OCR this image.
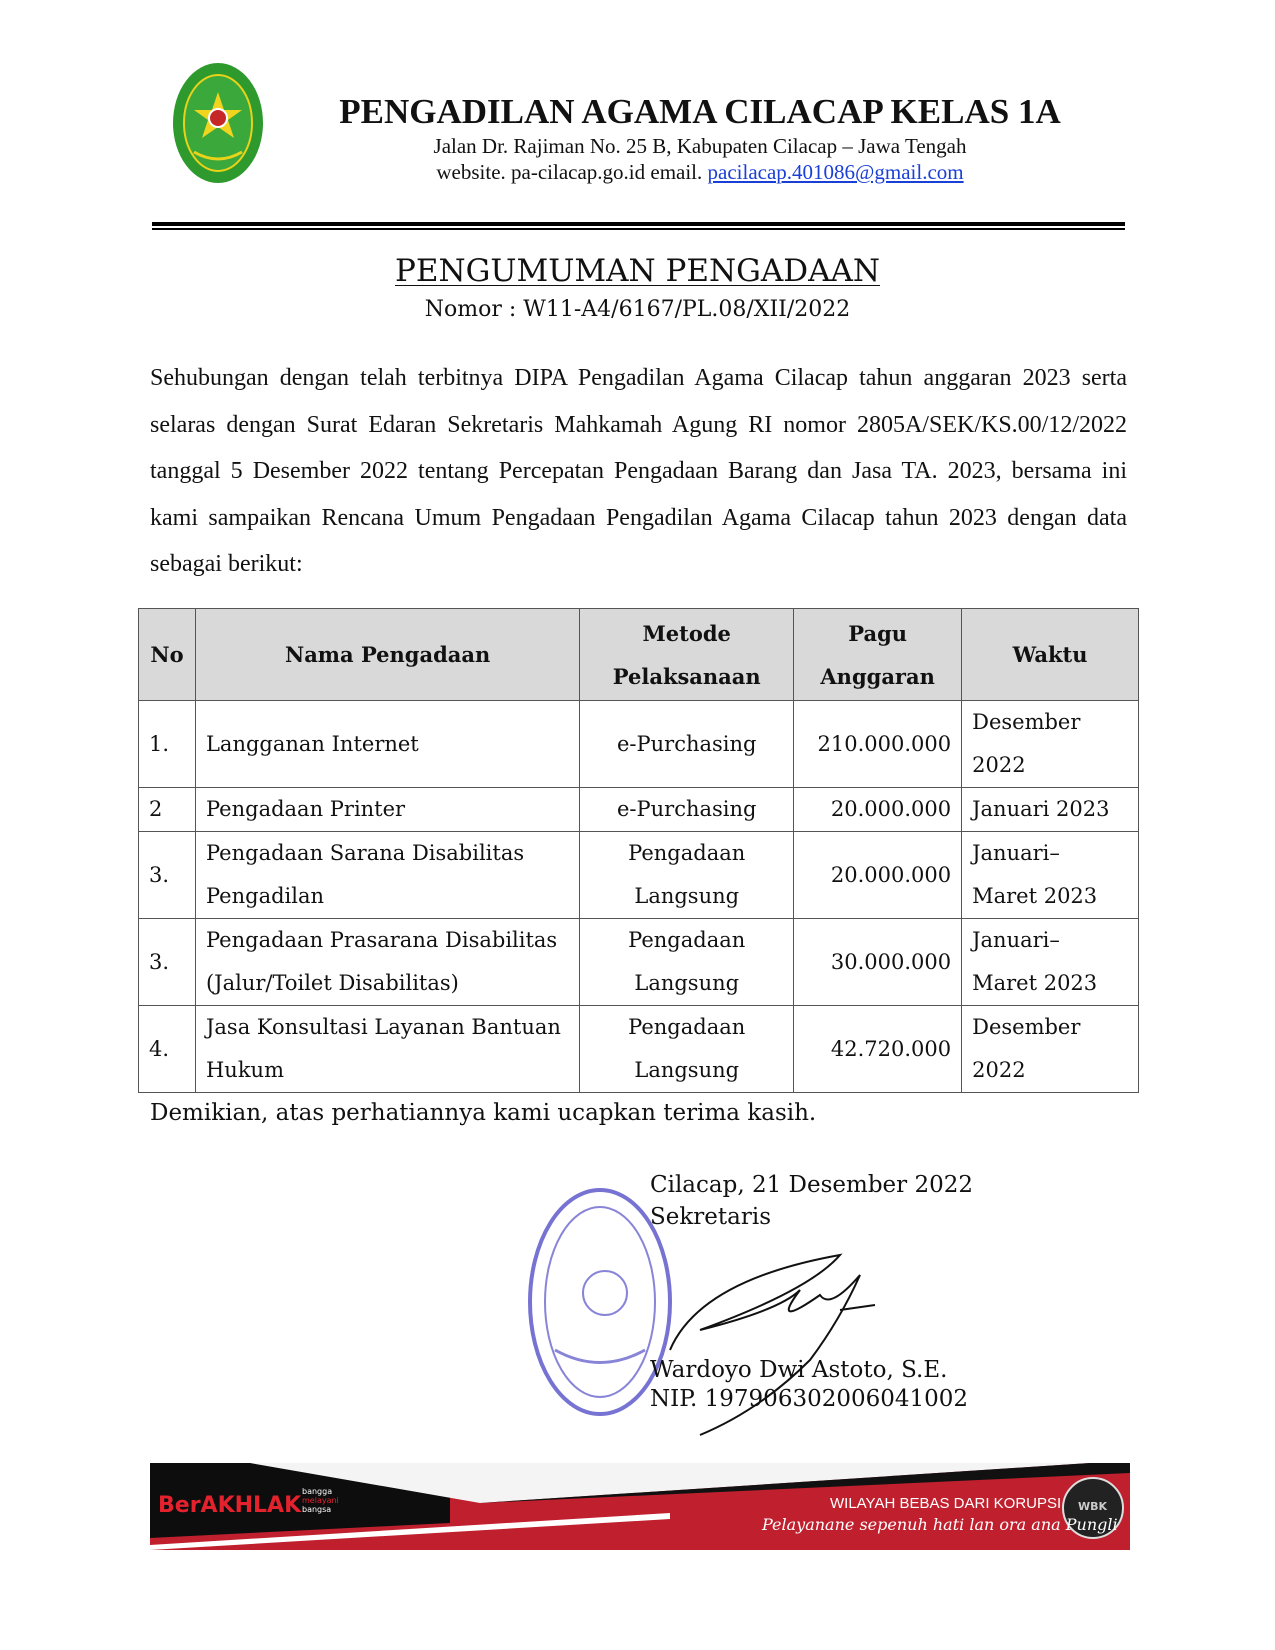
PENGADILAN AGAMA CILACAP KELAS 1A
Jalan Dr. Rajiman No. 25 B, Kabupaten Cilacap – Jawa Tengah
website. pa-cilacap.go.id email. pacilacap.401086@gmail.com
PENGUMUMAN PENGADAAN
Nomor : W11-A4/6167/PL.08/XII/2022
Sehubungan dengan telah terbitnya DIPA Pengadilan Agama Cilacap tahun anggaran 2023 serta selaras dengan Surat Edaran Sekretaris Mahkamah Agung RI nomor 2805A/SEK/KS.00/12/2022 tanggal 5 Desember 2022 tentang Percepatan Pengadaan Barang dan Jasa TA. 2023, bersama ini kami sampaikan Rencana Umum Pengadaan Pengadilan Agama Cilacap tahun 2023 dengan data sebagai berikut:
No	Nama Pengadaan	Metode Pelaksanaan	Pagu Anggaran	Waktu
1.	Langganan Internet	e-Purchasing	210.000.000	Desember 2022
2	Pengadaan Printer	e-Purchasing	20.000.000	Januari 2023
3.	Pengadaan Sarana Disabilitas Pengadilan	Pengadaan Langsung	20.000.000	Januari– Maret 2023
3.	Pengadaan Prasarana Disabilitas (Jalur/Toilet Disabilitas)	Pengadaan Langsung	30.000.000	Januari– Maret 2023
4.	Jasa Konsultasi Layanan Bantuan Hukum	Pengadaan Langsung	42.720.000	Desember 2022
Demikian, atas perhatiannya kami ucapkan terima kasih.
Cilacap, 21 Desember 2022
Sekretaris
Wardoyo Dwi Astoto, S.E.
NIP. 197906302006041002
BerAKHLAK
bangga
melayani
bangsa	WILAYAH BEBAS DARI KORUPSI
Pelayanane sepenuh hati lan ora ana Pungli
WBK
